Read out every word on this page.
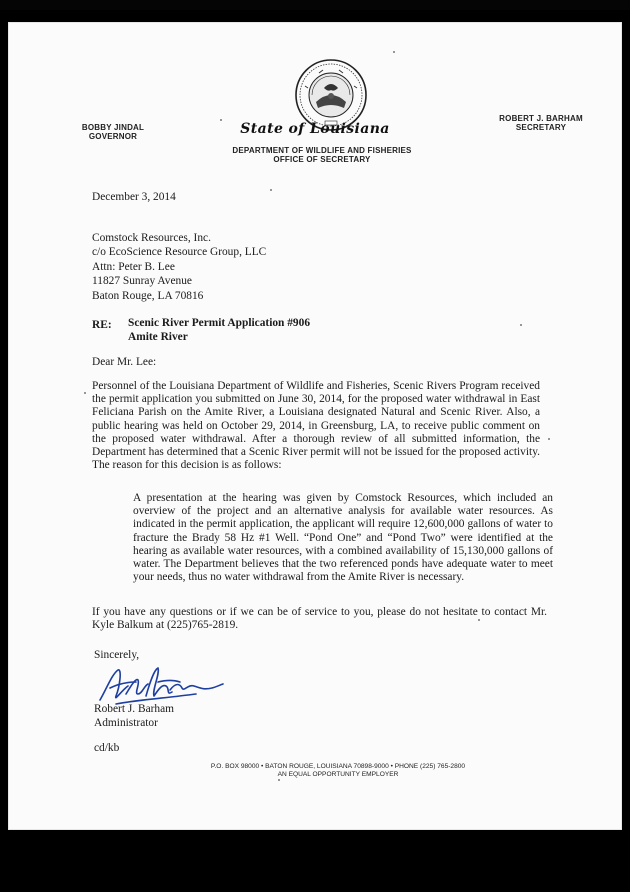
BOBBY JINDAL
GOVERNOR	State of Louisiana
DEPARTMENT OF WILDLIFE AND FISHERIES
OFFICE OF SECRETARY
ROBERT J. BARHAM
SECRETARY
December 3, 2014
Comstock Resources, Inc.
c/o EcoScience Resource Group, LLC
Attn: Peter B. Lee
11827 Sunray Avenue
Baton Rouge, LA 70816
RE: Scenic River Permit Application #906
Amite River
Dear Mr. Lee:
Personnel of the Louisiana Department of Wildlife and Fisheries, Scenic Rivers Program received the permit application you submitted on June 30, 2014, for the proposed water withdrawal in East Feliciana Parish on the Amite River, a Louisiana designated Natural and Scenic River. Also, a public hearing was held on October 29, 2014, in Greensburg, LA, to receive public comment on the proposed water withdrawal. After a thorough review of all submitted information, the Department has determined that a Scenic River permit will not be issued for the proposed activity. The reason for this decision is as follows:
A presentation at the hearing was given by Comstock Resources, which included an overview of the project and an alternative analysis for available water resources. As indicated in the permit application, the applicant will require 12,600,000 gallons of water to fracture the Brady 58 Hz #1 Well. “Pond One” and “Pond Two” were identified at the hearing as available water resources, with a combined availability of 15,130,000 gallons of water. The Department believes that the two referenced ponds have adequate water to meet your needs, thus no water withdrawal from the Amite River is necessary.
If you have any questions or if we can be of service to you, please do not hesitate to contact Mr. Kyle Balkum at (225)765-2819.
Sincerely,
Robert J. Barham
Administrator
cd/kb
P.O. BOX 98000 • BATON ROUGE, LOUISIANA 70898-9000 • PHONE (225) 765-2800
AN EQUAL OPPORTUNITY EMPLOYER
